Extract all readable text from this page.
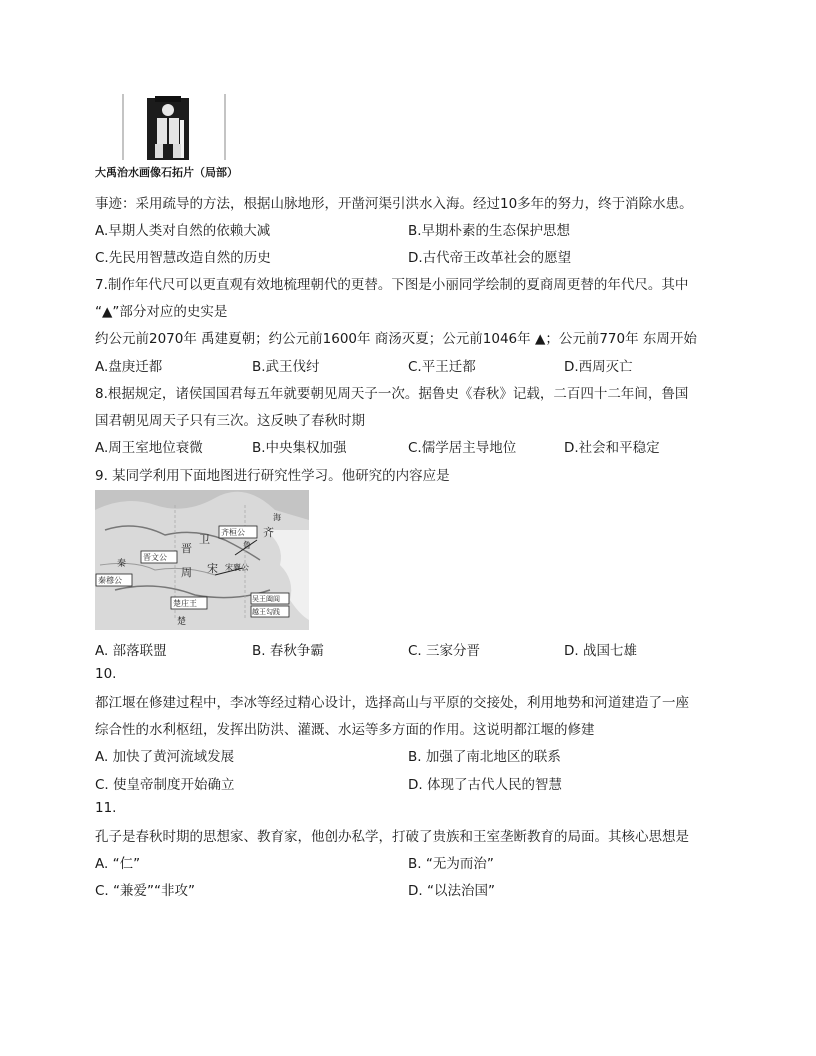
大禹治水画像石拓片（局部）
事迹：采用疏导的方法，根据山脉地形，开凿河渠引洪水入海。经过10多年的努力，终于消除水患。
A.早期人类对自然的依赖大减	B.早期朴素的生态保护思想
C.先民用智慧改造自然的历史	D.古代帝王改革社会的愿望
7.制作年代尺可以更直观有效地梳理朝代的更替。下图是小丽同学绘制的夏商周更替的年代尺。其中
“▲”部分对应的史实是
约公元前2070年 禹建夏朝；约公元前1600年 商汤灭夏；公元前1046年 ▲；公元前770年 东周开始
A.盘庚迁都	B.武王伐纣	C.平王迁都	D.西周灭亡
8.根据规定，诸侯国国君每五年就要朝见周天子一次。据鲁史《春秋》记载，二百四十二年间，鲁国
国君朝见周天子只有三次。这反映了春秋时期
A.周王室地位衰微	B.中央集权加强	C.儒学居主导地位	D.社会和平稳定
9. 某同学利用下面地图进行研究性学习。他研究的内容应是
秦
秦穆公
晋文公
晋
卫
齐桓公 齐
宋 宋襄公
周
鲁
楚庄王
楚
越王勾践
吴王阖闾
海
A. 部落联盟	B. 春秋争霸	C. 三家分晋	D. 战国七雄
10.
都江堰在修建过程中，李冰等经过精心设计，选择高山与平原的交接处，利用地势和河道建造了一座
综合性的水利枢纽，发挥出防洪、灌溉、水运等多方面的作用。这说明都江堰的修建
A. 加快了黄河流域发展	B. 加强了南北地区的联系
C. 使皇帝制度开始确立	D. 体现了古代人民的智慧
11.
孔子是春秋时期的思想家、教育家，他创办私学，打破了贵族和王室垄断教育的局面。其核心思想是
A. “仁”	B. “无为而治”
C. “兼爱”“非攻”	D. “以法治国”
